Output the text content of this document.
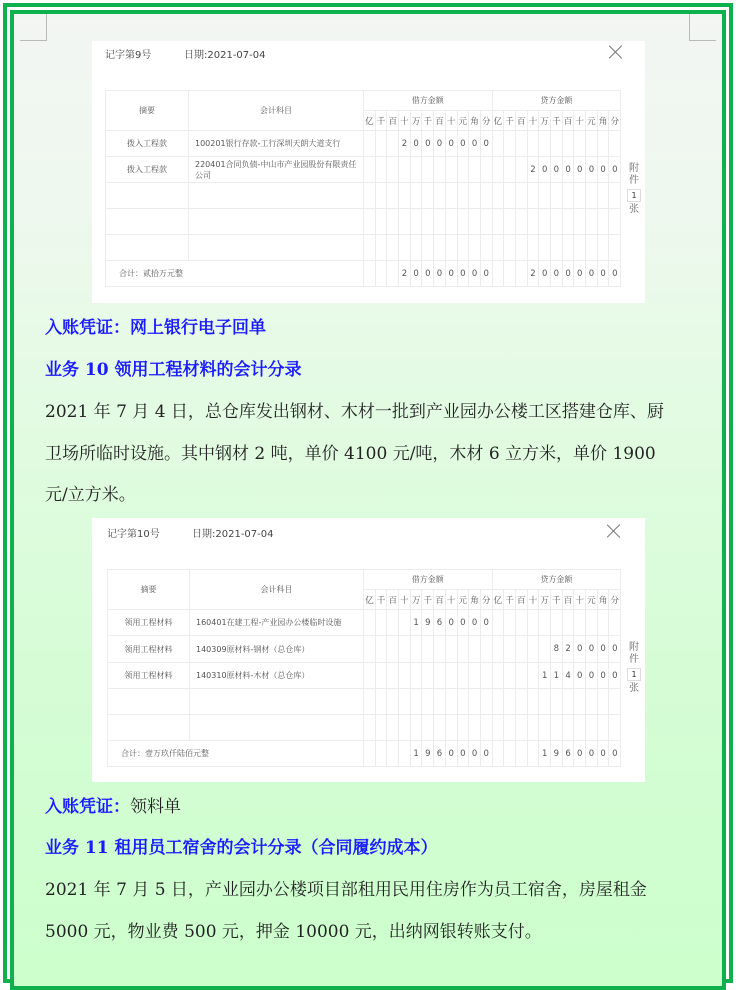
记字第9号	日期:2021-07-04
摘要	会计科目	借方金额											贷方金额										
		亿	千	百	十	万	千	百	十	元	角	分	亿	千	百	十	万	千	百	十	元	角	分
拨入工程款	100201银行存款-工行深圳天朗大道支行				2	0	0	0	0	0	0	0											
拨入工程款	220401合同负债-中山市产业园股份有限责任公司															2	0	0	0	0	0	0	0

合计：贰拾万元整					2	0	0	0	0	0	0	0				2	0	0	0	0	0	0	0
附件
1
张
记字第10号	日期:2021-07-04
摘要	会计科目	借方金额											贷方金额										
		亿	千	百	十	万	千	百	十	元	角	分	亿	千	百	十	万	千	百	十	元	角	分
领用工程材料	160401在建工程-产业园办公楼临时设施					1	9	6	0	0	0	0											
领用工程材料	140309原材料-钢材（总仓库）																	8	2	0	0	0	0
领用工程材料	140310原材料-木材（总仓库）																1	1	4	0	0	0	0

合计：壹万玖仟陆佰元整						1	9	6	0	0	0	0					1	9	6	0	0	0	0
附件
1
张
入账凭证：网上银行电子回单
业务 10 领用工程材料的会计分录
2021 年 7 月 4 日，总仓库发出钢材、木材一批到产业园办公楼工区搭建仓库、厨
卫场所临时设施。其中钢材 2 吨，单价 4100 元/吨，木材 6 立方米，单价 1900
元/立方米。
入账凭证：领料单
业务 11 租用员工宿舍的会计分录（合同履约成本）
2021 年 7 月 5 日，产业园办公楼项目部租用民用住房作为员工宿舍，房屋租金
5000 元，物业费 500 元，押金 10000 元，出纳网银转账支付。
